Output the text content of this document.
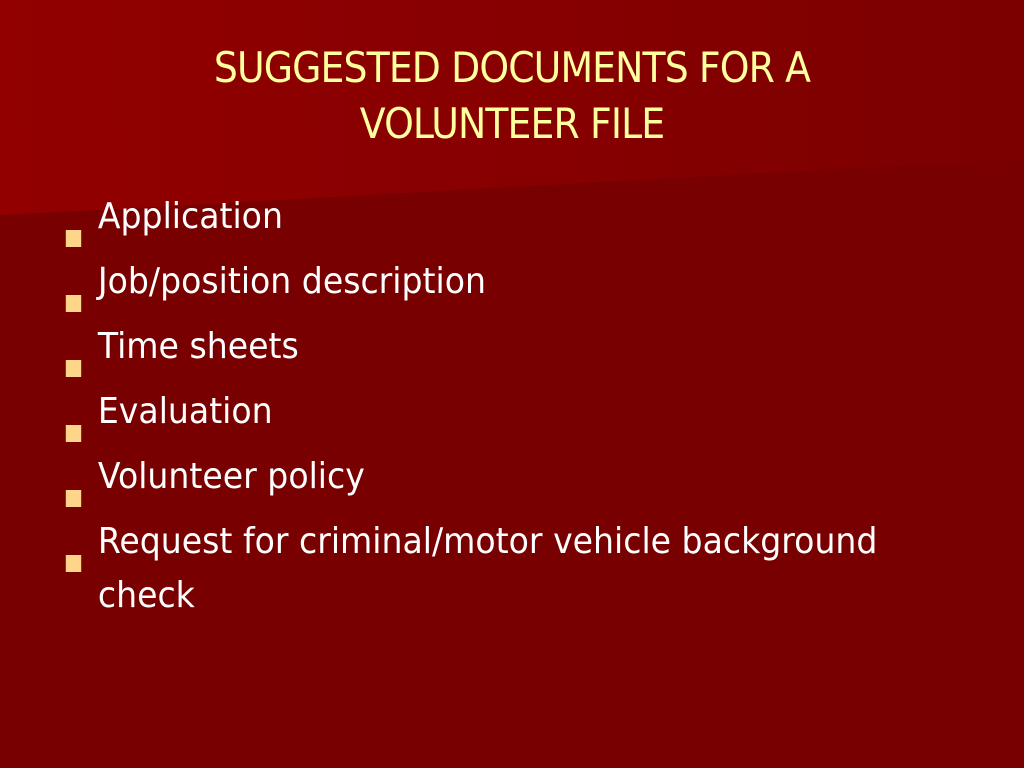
SUGGESTED DOCUMENTS FOR A
VOLUNTEER FILE
Application
Job/position description
Time sheets
Evaluation
Volunteer policy
Request for criminal/motor vehicle background check
